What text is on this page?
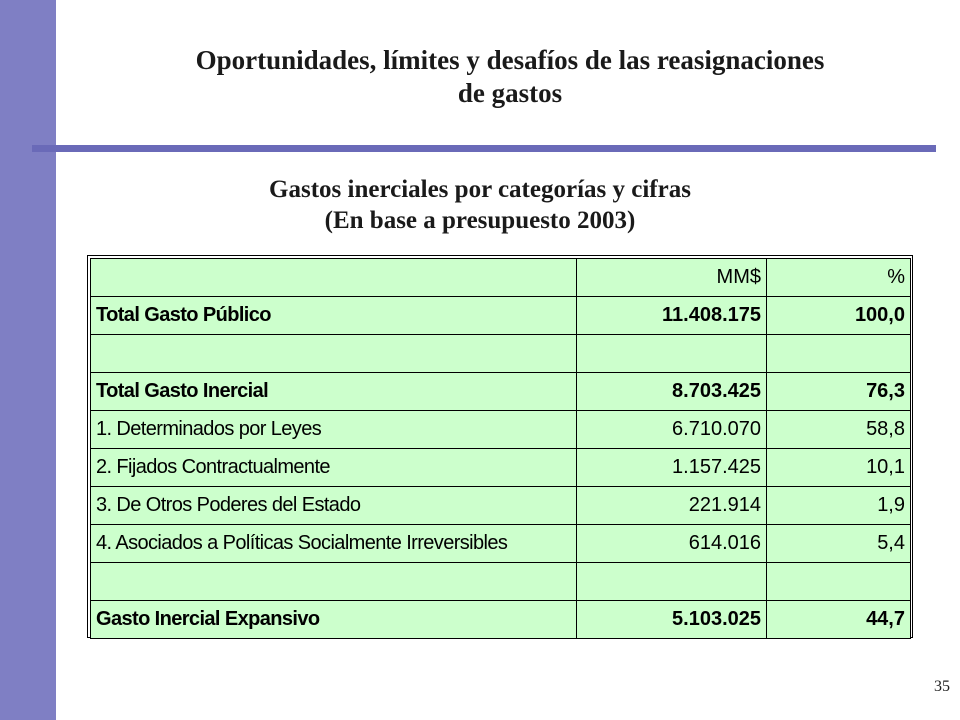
Oportunidades, límites y desafíos de las reasignaciones
de gastos
Gastos inerciales por categorías y cifras
(En base a presupuesto 2003)
	MM$	%
Total Gasto Público	11.408.175	100,0

Total Gasto Inercial	8.703.425	76,3
1. Determinados por Leyes	6.710.070	58,8
2. Fijados Contractualmente	1.157.425	10,1
3. De Otros Poderes del Estado	221.914	1,9
4. Asociados a Políticas Socialmente Irreversibles	614.016	5,4

Gasto Inercial Expansivo	5.103.025	44,7
35
